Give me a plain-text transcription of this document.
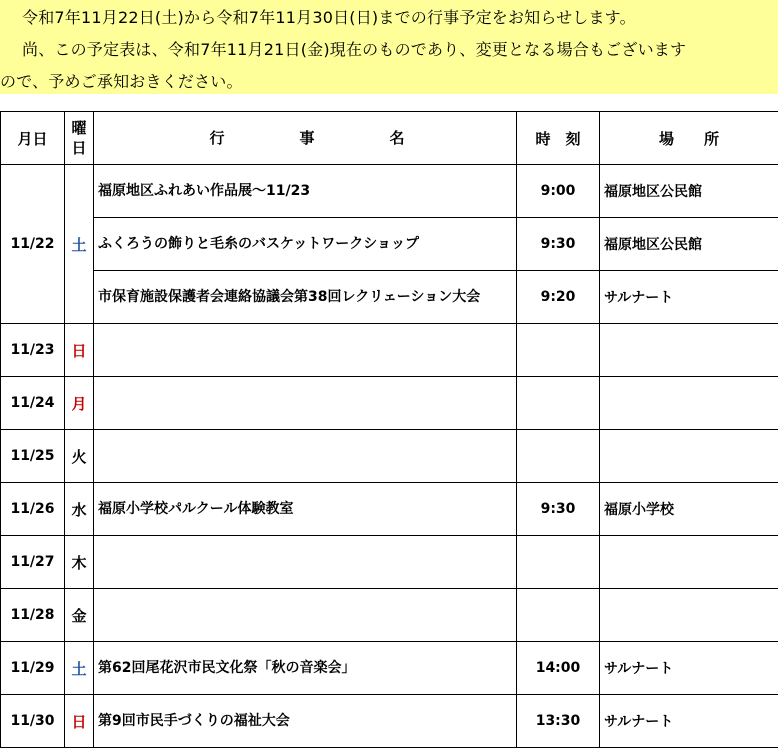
令和7年11月22日(土)から令和7年11月30日(日)までの行事予定をお知らせします。
尚、この予定表は、令和7年11月21日(金)現在のものであり、変更となる場合もございます
ので、予めご承知おきください。
月日	曜日	行　　　　　事　　　　　名	時　刻	場　　所
11/22	土	福原地区ふれあい作品展～11/23	9:00	福原地区公民館
		ふくろうの飾りと毛糸のバスケットワークショップ	9:30	福原地区公民館
		市保育施設保護者会連絡協議会第38回レクリェーション大会	9:20	サルナート
11/23	日			
11/24	月			
11/25	火			
11/26	水	福原小学校パルクール体験教室	9:30	福原小学校
11/27	木			
11/28	金			
11/29	土	第62回尾花沢市民文化祭「秋の音楽会」	14:00	サルナート
11/30	日	第9回市民手づくりの福祉大会	13:30	サルナート
